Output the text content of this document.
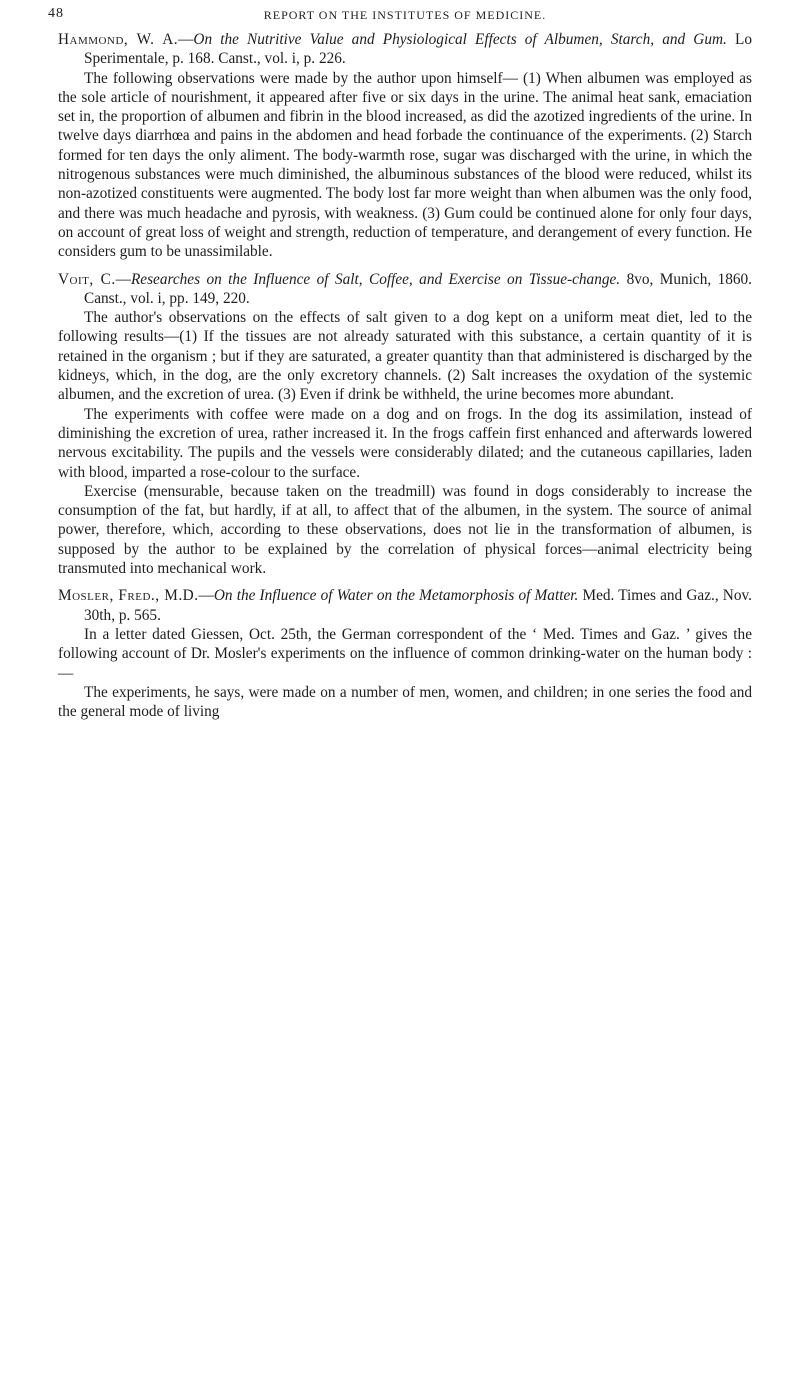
48	REPORT ON THE INSTITUTES OF MEDICINE.
Hammond, W. A.—On the Nutritive Value and Physiological Effects of Albumen, Starch, and Gum. Lo Sperimentale, p. 168. Canst., vol. i, p. 226.

The following observations were made by the author upon himself— (1) When albumen was employed as the sole article of nourishment, it appeared after five or six days in the urine. The animal heat sank, emaciation set in, the proportion of albumen and fibrin in the blood increased, as did the azotized ingredients of the urine. In twelve days diarrhœa and pains in the abdomen and head forbade the continuance of the experiments. (2) Starch formed for ten days the only aliment. The body-warmth rose, sugar was discharged with the urine, in which the nitrogenous substances were much diminished, the albuminous substances of the blood were reduced, whilst its non-azotized constituents were augmented. The body lost far more weight than when albumen was the only food, and there was much headache and pyrosis, with weakness. (3) Gum could be continued alone for only four days, on account of great loss of weight and strength, reduction of temperature, and derangement of every function. He considers gum to be unassimilable.

Voit, C.—Researches on the Influence of Salt, Coffee, and Exercise on Tissue-change. 8vo, Munich, 1860. Canst., vol. i, pp. 149, 220.

The author's observations on the effects of salt given to a dog kept on a uniform meat diet, led to the following results—(1) If the tissues are not already saturated with this substance, a certain quantity of it is retained in the organism ; but if they are saturated, a greater quantity than that administered is discharged by the kidneys, which, in the dog, are the only excretory channels. (2) Salt increases the oxydation of the systemic albumen, and the excretion of urea. (3) Even if drink be withheld, the urine becomes more abundant.

The experiments with coffee were made on a dog and on frogs. In the dog its assimilation, instead of diminishing the excretion of urea, rather increased it. In the frogs caffein first enhanced and afterwards lowered nervous excitability. The pupils and the vessels were considerably dilated; and the cutaneous capillaries, laden with blood, imparted a rose-colour to the surface.

Exercise (mensurable, because taken on the treadmill) was found in dogs considerably to increase the consumption of the fat, but hardly, if at all, to affect that of the albumen, in the system. The source of animal power, therefore, which, according to these observations, does not lie in the transformation of albumen, is supposed by the author to be explained by the correlation of physical forces—animal electricity being transmuted into mechanical work.

Mosler, Fred., M.D.—On the Influence of Water on the Metamorphosis of Matter. Med. Times and Gaz., Nov. 30th, p. 565.

In a letter dated Giessen, Oct. 25th, the German correspondent of the ‘ Med. Times and Gaz. ’ gives the following account of Dr. Mosler's experiments on the influence of common drinking-water on the human body :—

The experiments, he says, were made on a number of men, women, and children; in one series the food and the general mode of living
